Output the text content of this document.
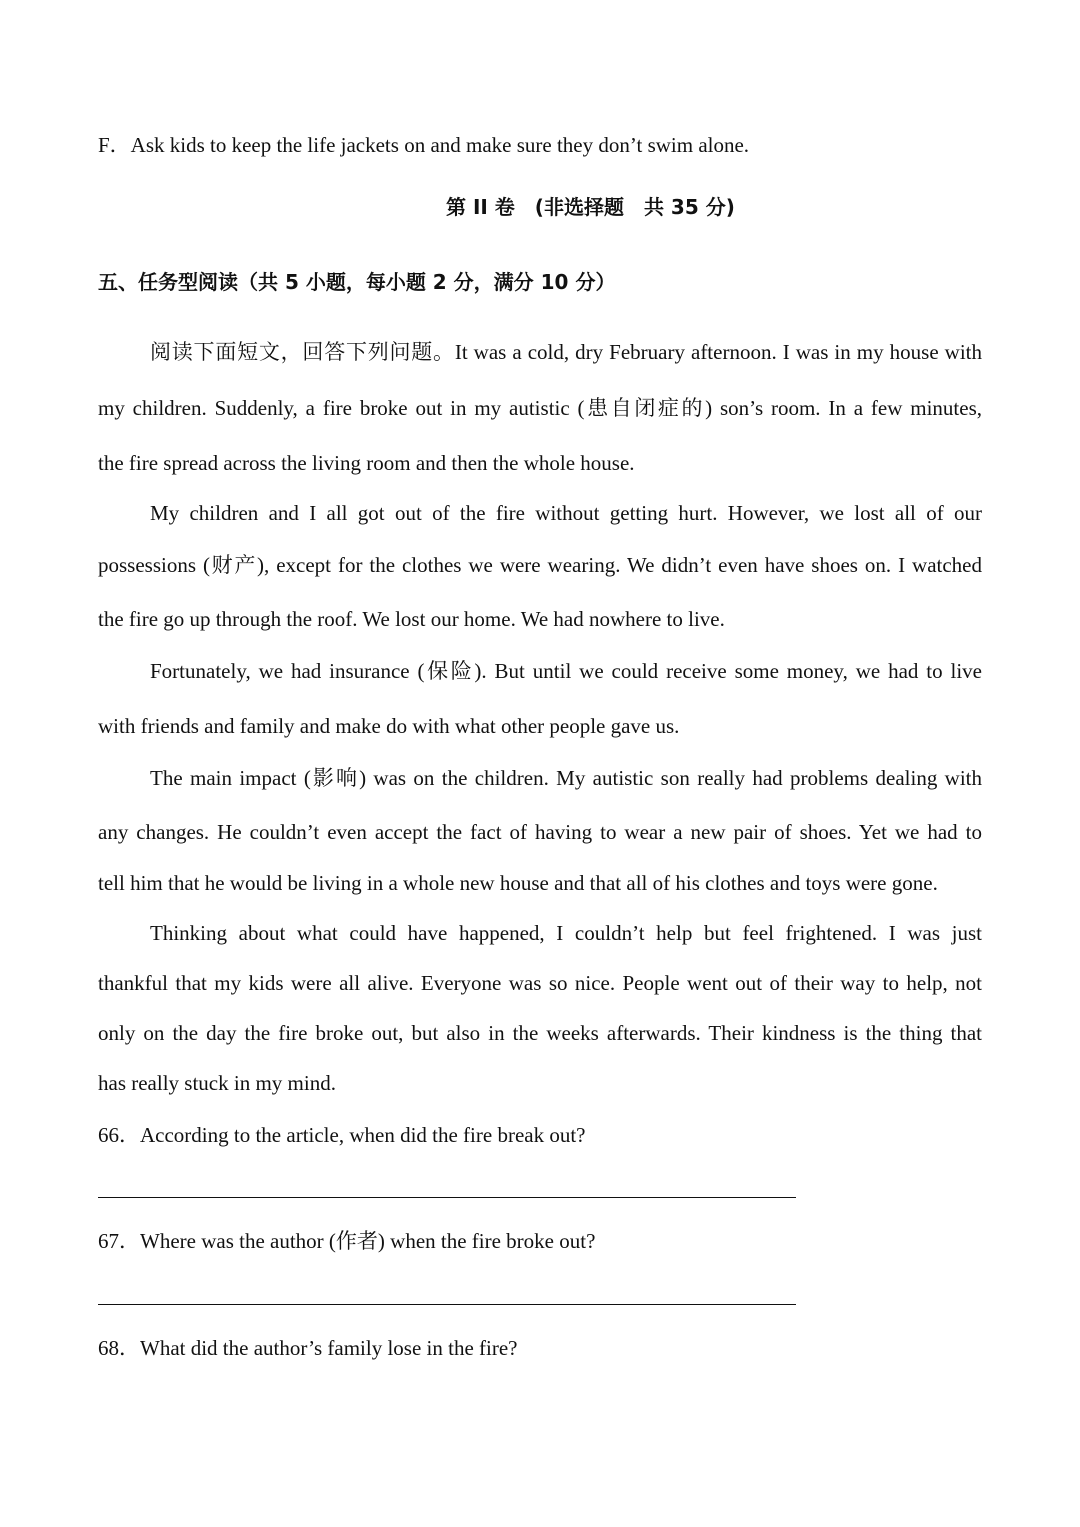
F．Ask kids to keep the life jackets on and make sure they don’t swim alone.
第 II 卷　(非选择题　共 35 分)
五、任务型阅读（共 5 小题，每小题 2 分，满分 10 分）
阅读下面短文，回答下列问题。It was a cold, dry February afternoon. I was in my house with
my children. Suddenly, a fire broke out in my autistic (患自闭症的) son’s room. In a few minutes,
the fire spread across the living room and then the whole house.
My children and I all got out of the fire without getting hurt. However, we lost all of our
possessions (财产), except for the clothes we were wearing. We didn’t even have shoes on. I watched
the fire go up through the roof. We lost our home. We had nowhere to live.
Fortunately, we had insurance (保险). But until we could receive some money, we had to live
with friends and family and make do with what other people gave us.
The main impact (影响) was on the children. My autistic son really had problems dealing with
any changes. He couldn’t even accept the fact of having to wear a new pair of shoes. Yet we had to
tell him that he would be living in a whole new house and that all of his clothes and toys were gone.
Thinking about what could have happened, I couldn’t help but feel frightened. I was just
thankful that my kids were all alive. Everyone was so nice. People went out of their way to help, not
only on the day the fire broke out, but also in the weeks afterwards. Their kindness is the thing that
has really stuck in my mind.
66．According to the article, when did the fire break out?
67．Where was the author (作者) when the fire broke out?
68．What did the author’s family lose in the fire?
